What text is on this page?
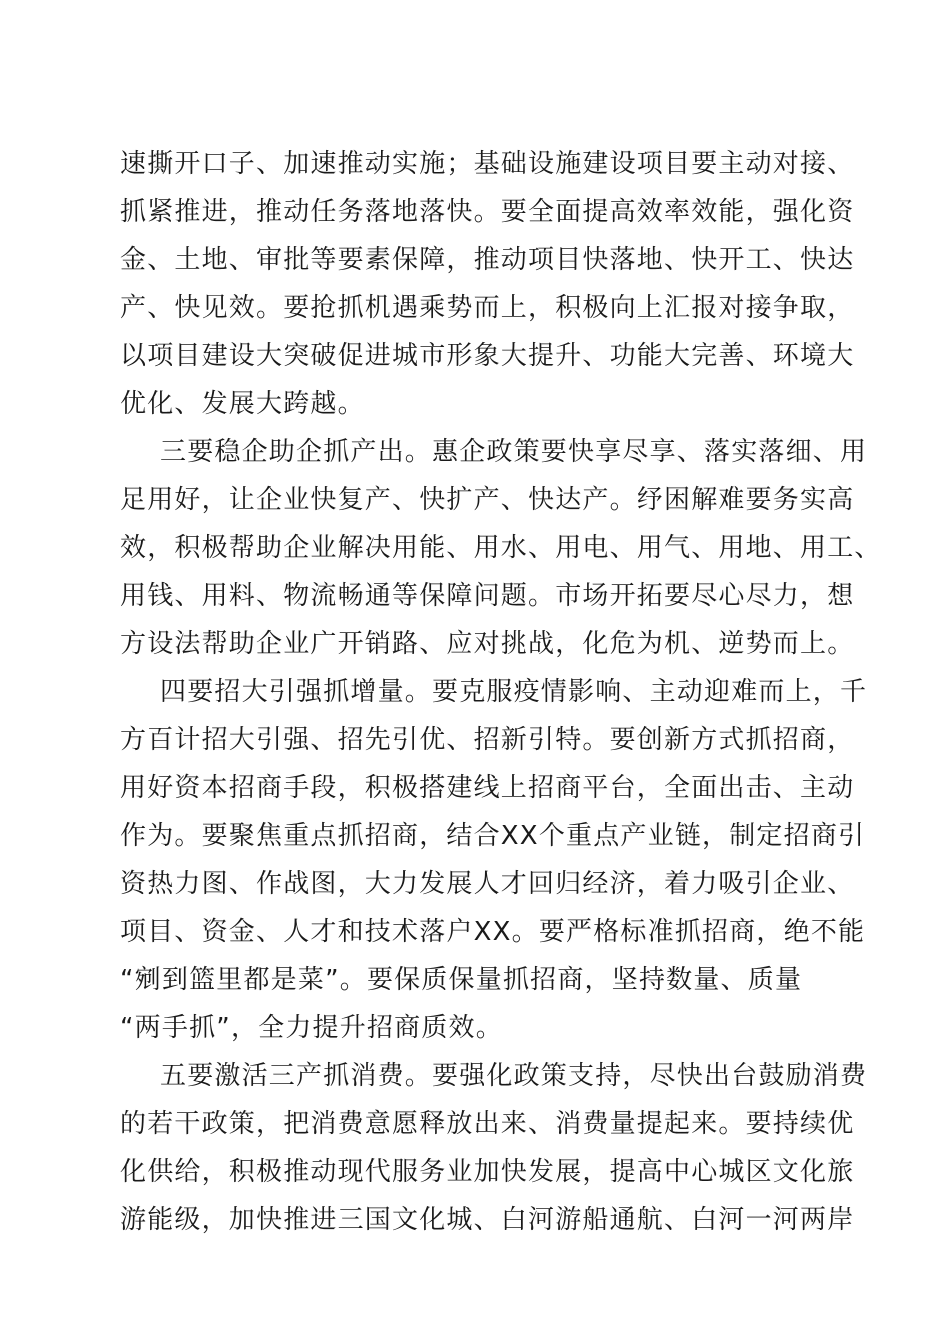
速撕开口子、加速推动实施；基础设施建设项目要主动对接、
抓紧推进，推动任务落地落快。要全面提高效率效能，强化资
金、土地、审批等要素保障，推动项目快落地、快开工、快达
产、快见效。要抢抓机遇乘势而上，积极向上汇报对接争取，
以项目建设大突破促进城市形象大提升、功能大完善、环境大
优化、发展大跨越。
三要稳企助企抓产出。惠企政策要快享尽享、落实落细、用
足用好，让企业快复产、快扩产、快达产。纾困解难要务实高
效，积极帮助企业解决用能、用水、用电、用气、用地、用工、
用钱、用料、物流畅通等保障问题。市场开拓要尽心尽力，想
方设法帮助企业广开销路、应对挑战，化危为机、逆势而上。
四要招大引强抓增量。要克服疫情影响、主动迎难而上，千
方百计招大引强、招先引优、招新引特。要创新方式抓招商，
用好资本招商手段，积极搭建线上招商平台，全面出击、主动
作为。要聚焦重点抓招商，结合XX个重点产业链，制定招商引
资热力图、作战图，大力发展人才回归经济，着力吸引企业、
项目、资金、人才和技术落户XX。要严格标准抓招商，绝不能
“剜到篮里都是菜”。要保质保量抓招商，坚持数量、质量
“两手抓”，全力提升招商质效。
五要激活三产抓消费。要强化政策支持，尽快出台鼓励消费
的若干政策，把消费意愿释放出来、消费量提起来。要持续优
化供给，积极推动现代服务业加快发展，提高中心城区文化旅
游能级，加快推进三国文化城、白河游船通航、白河一河两岸
